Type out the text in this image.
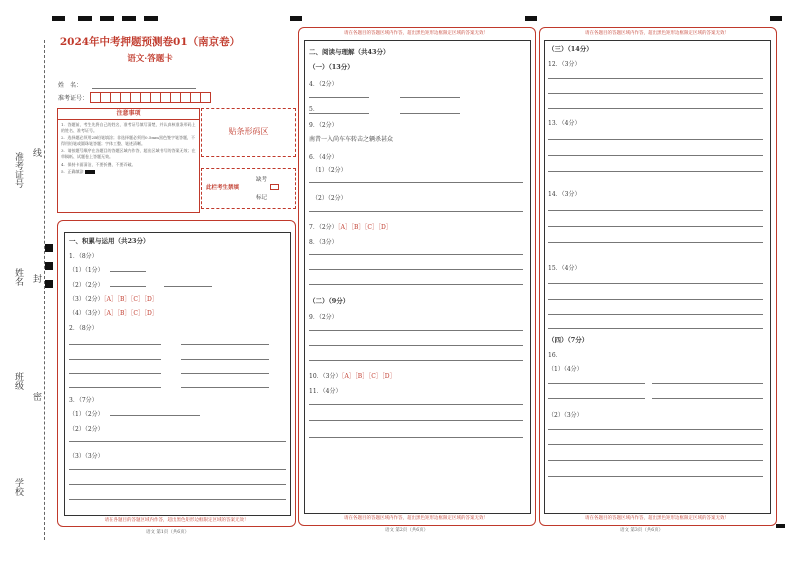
准考证号 线
姓名 封
班级
密
学校
2024年中考押题预测卷01（南京卷）
语文·答题卡
姓　名：
准考证号：
注意事项

1．答题前，考生先将自己的姓名，准考证号填写清楚，并认真核准条形码上的姓名、准考证号。

2．选择题必须用2B铅笔填涂；非选择题必须用0.5mm黑色签字笔答题，不得用铅笔或圆珠笔答题；字体工整、笔迹清晰。

3．请按题号顺序在各题目的答题区域内作答，超出区域书写的答案无效；在草稿纸、试题卷上答题无效。

4．保持卡面清洁，不要折叠、不要弄破。

5．正确填涂

贴条形码区
此栏考生禁填
缺考
标记
一、积累与运用（共23分）
1．（8分）
（1）（1分）
（2）（2分）
（3）（2分）［A］［B］［C］［D］
（4）（3分）［A］［B］［C］［D］
2．（8分）
3．（7分）
（1）（2分）
（2）（2分）
（3）（3分）
请在各题目的答题区域内作答，超出黑色矩形边框限定区域的答案无效！
语文 第1页（共6页）
请在各题目的答题区域内作答，超出黑色矩形边框限定区域的答案无效！
二、阅读与理解（共43分）
（一）（13分）
4．（2分）
5．
9．（2分）
南昔一入尚车车转击之辆杀甚众
6．（4分）
（1）（2分）
（2）（2分）
7．（2分）［A］［B］［C］［D］
8．（3分）
（二）（9分）
9．（2分）
10．（3分）［A］［B］［C］［D］
11．（4分）
请在各题目的答题区域内作答，超出黑色矩形边框限定区域的答案无效！
语文 第2页（共6页）
请在各题目的答题区域内作答，超出黑色矩形边框限定区域的答案无效！
（三）（14分）
12．（3分）
13．（4分）
14．（3分）
15．（4分）
（四）（7分）
16．
（1）（4分）
（2）（3分）
请在各题目的答题区域内作答，超出黑色矩形边框限定区域的答案无效！
语文 第3页（共6页）
